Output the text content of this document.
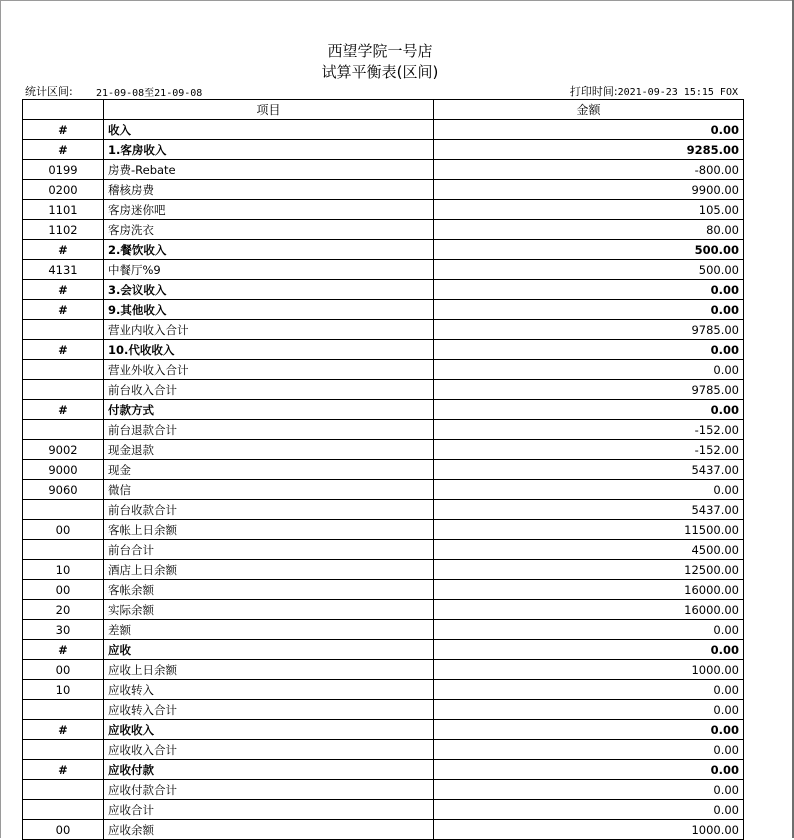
西望学院一号店
试算平衡表(区间)
统计区间: 21-09-08至21-09-08	打印时间:2021-09-23 15:15 FOX
	项目	金额
#	收入	0.00
#	1.客房收入	9285.00
0199	房费-Rebate	-800.00
0200	稽核房费	9900.00
1101	客房迷你吧	105.00
1102	客房洗衣	80.00
#	2.餐饮收入	500.00
4131	中餐厅%9	500.00
#	3.会议收入	0.00
#	9.其他收入	0.00
	营业内收入合计	9785.00
#	10.代收收入	0.00
	营业外收入合计	0.00
	前台收入合计	9785.00
#	付款方式	0.00
	前台退款合计	-152.00
9002	现金退款	-152.00
9000	现金	5437.00
9060	微信	0.00
	前台收款合计	5437.00
00	客帐上日余额	11500.00
	前台合计	4500.00
10	酒店上日余额	12500.00
00	客帐余额	16000.00
20	实际余额	16000.00
30	差额	0.00
#	应收	0.00
00	应收上日余额	1000.00
10	应收转入	0.00
	应收转入合计	0.00
#	应收收入	0.00
	应收收入合计	0.00
#	应收付款	0.00
	应收付款合计	0.00
	应收合计	0.00
00	应收余额	1000.00
